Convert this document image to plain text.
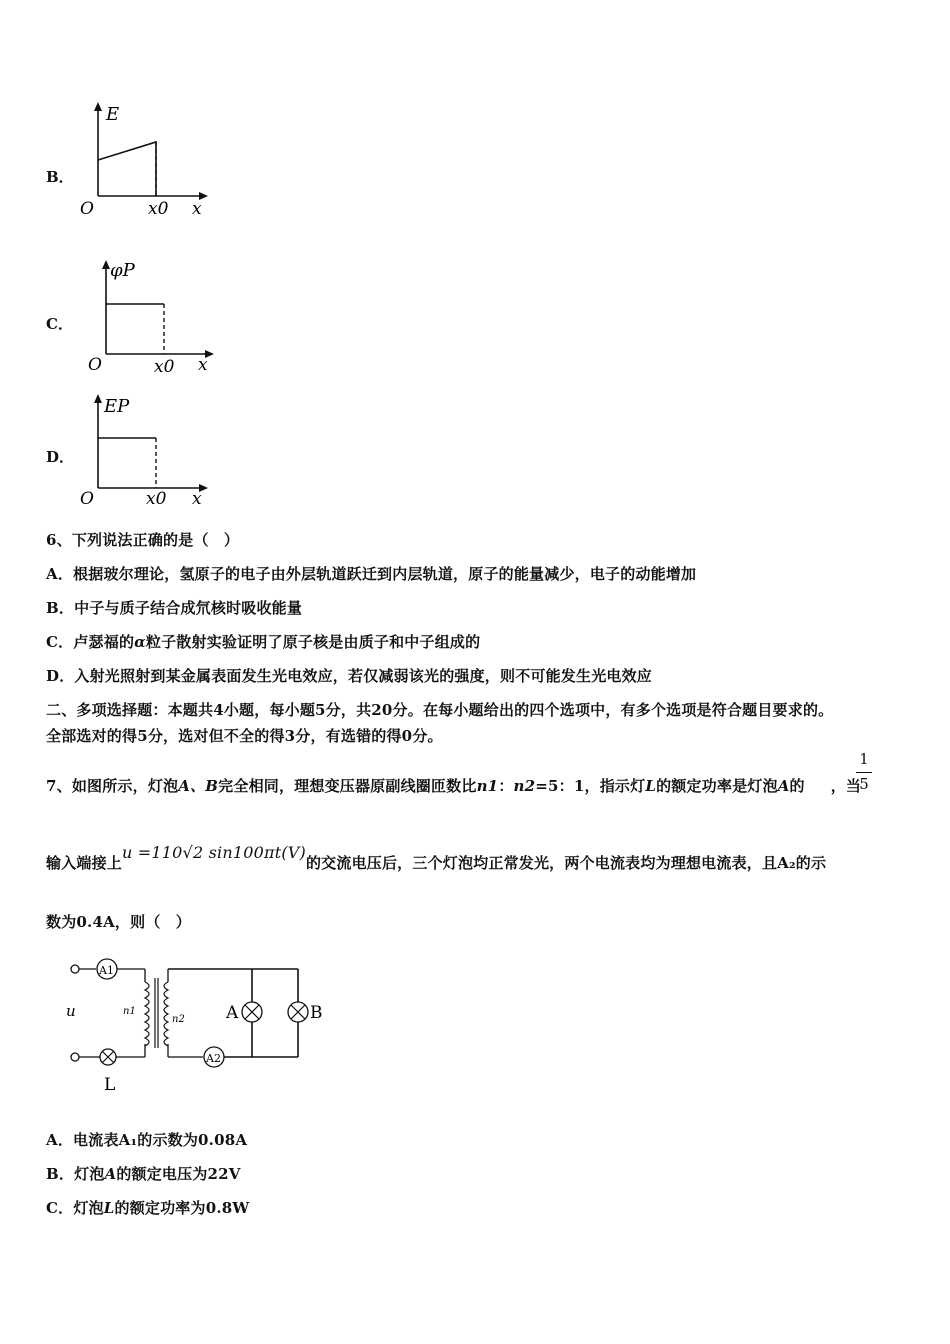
B．
E
O	x0 x
C．
φP
O	x0 x
D．
EP
O	x0 x
6、下列说法正确的是（　）
A．根据玻尔理论，氢原子的电子由外层轨道跃迁到内层轨道，原子的能量减少，电子的动能增加
B．中子与质子结合成氘核时吸收能量
C．卢瑟福的α粒子散射实验证明了原子核是由质子和中子组成的
D．入射光照射到某金属表面发生光电效应，若仅减弱该光的强度，则不可能发生光电效应
二、多项选择题：本题共4小题，每小题5分，共20分。在每小题给出的四个选项中，有多个选项是符合题目要求的。
全部选对的得5分，选对但不全的得3分，有选错的得0分。
7、如图所示，灯泡A、B完全相同，理想变压器原副线圈匝数比n1：n2=5：1，指示灯L的额定功率是灯泡A的 ，当
1
5
输入端接上u =110√2 sin100πt(V)的交流电压后，三个灯泡均正常发光，两个电流表均为理想电流表，且A₂的示
数为0.4A，则（　）
A1
A2
u	n1
n2 A	B
L
A．电流表A₁的示数为0.08A
B．灯泡A的额定电压为22V
C．灯泡L的额定功率为0.8W
